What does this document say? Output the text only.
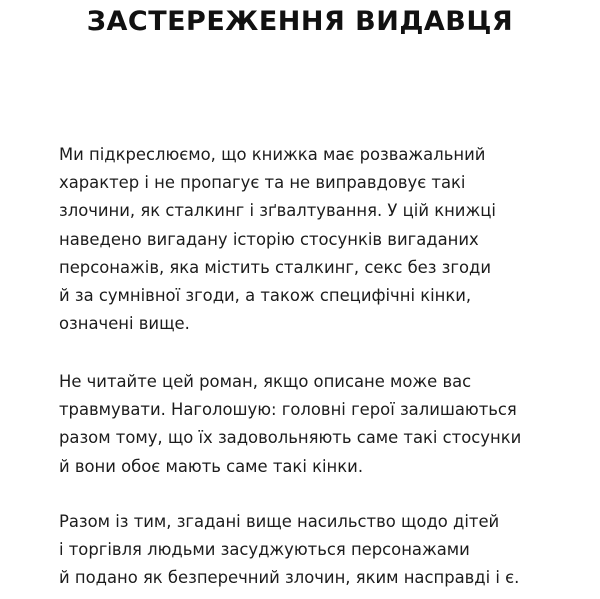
ЗАСТЕРЕЖЕННЯ ВИДАВЦЯ
Ми підкреслюємо, що книжка має розважальний
характер і не пропагує та не виправдовує такі
злочини, як сталкинг і зґвалтування. У цій книжці
наведено вигадану історію стосунків вигаданих
персонажів, яка містить сталкинг, секс без згоди
й за сумнівної згоди, а також специфічні кінки,
означені вище.
Не читайте цей роман, якщо описане може вас
травмувати. Наголошую: головні герої залишаються
разом тому, що їх задовольняють саме такі стосунки
й вони обоє мають саме такі кінки.
Разом із тим, згадані вище насильство щодо дітей
і торгівля людьми засуджуються персонажами
й подано як безперечний злочин, яким насправді і є.
